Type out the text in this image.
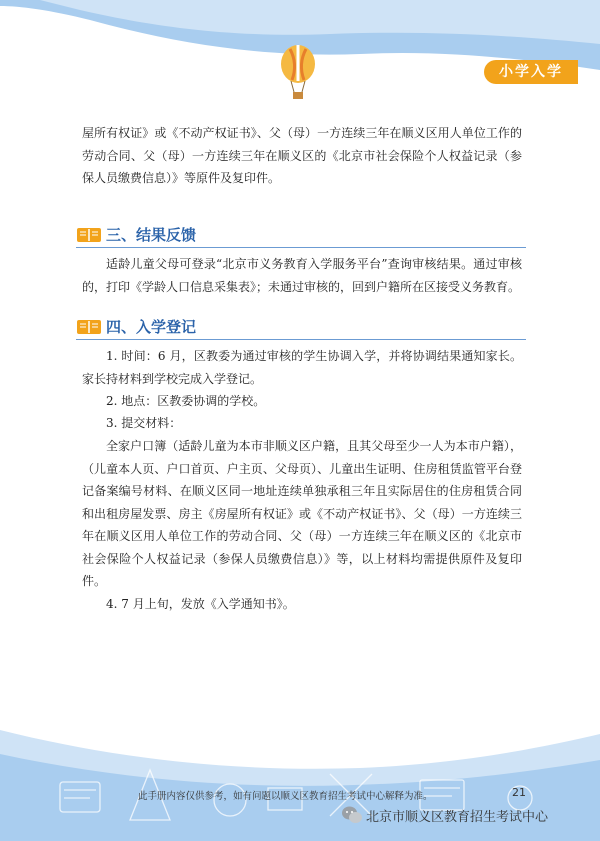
小学入学

屋所有权证》或《不动产权证书》、父（母）一方连续三年在顺义区用人单位工作的劳动合同、父（母）一方连续三年在顺义区的《北京市社会保险个人权益记录（参保人员缴费信息）》等原件及复印件。

三、结果反馈

适龄儿童父母可登录“北京市义务教育入学服务平台”查询审核结果。通过审核的，打印《学龄人口信息采集表》；未通过审核的，回到户籍所在区接受义务教育。

四、入学登记

1. 时间：6 月，区教委为通过审核的学生协调入学，并将协调结果通知家长。家长持材料到学校完成入学登记。

2. 地点：区教委协调的学校。

3. 提交材料：

全家户口簿（适龄儿童为本市非顺义区户籍，且其父母至少一人为本市户籍），（儿童本人页、户口首页、户主页、父母页）、儿童出生证明、住房租赁监管平台登记备案编号材料、在顺义区同一地址连续单独承租三年且实际居住的住房租赁合同和出租房屋发票、房主《房屋所有权证》或《不动产权证书》、父（母）一方连续三年在顺义区用人单位工作的劳动合同、父（母）一方连续三年在顺义区的《北京市社会保险个人权益记录（参保人员缴费信息）》等，以上材料均需提供原件及复印件。

4. 7 月上旬，发放《入学通知书》。

此手册内容仅供参考，如有问题以顺义区教育招生考试中心解释为准。	21
北京市顺义区教育招生考试中心
